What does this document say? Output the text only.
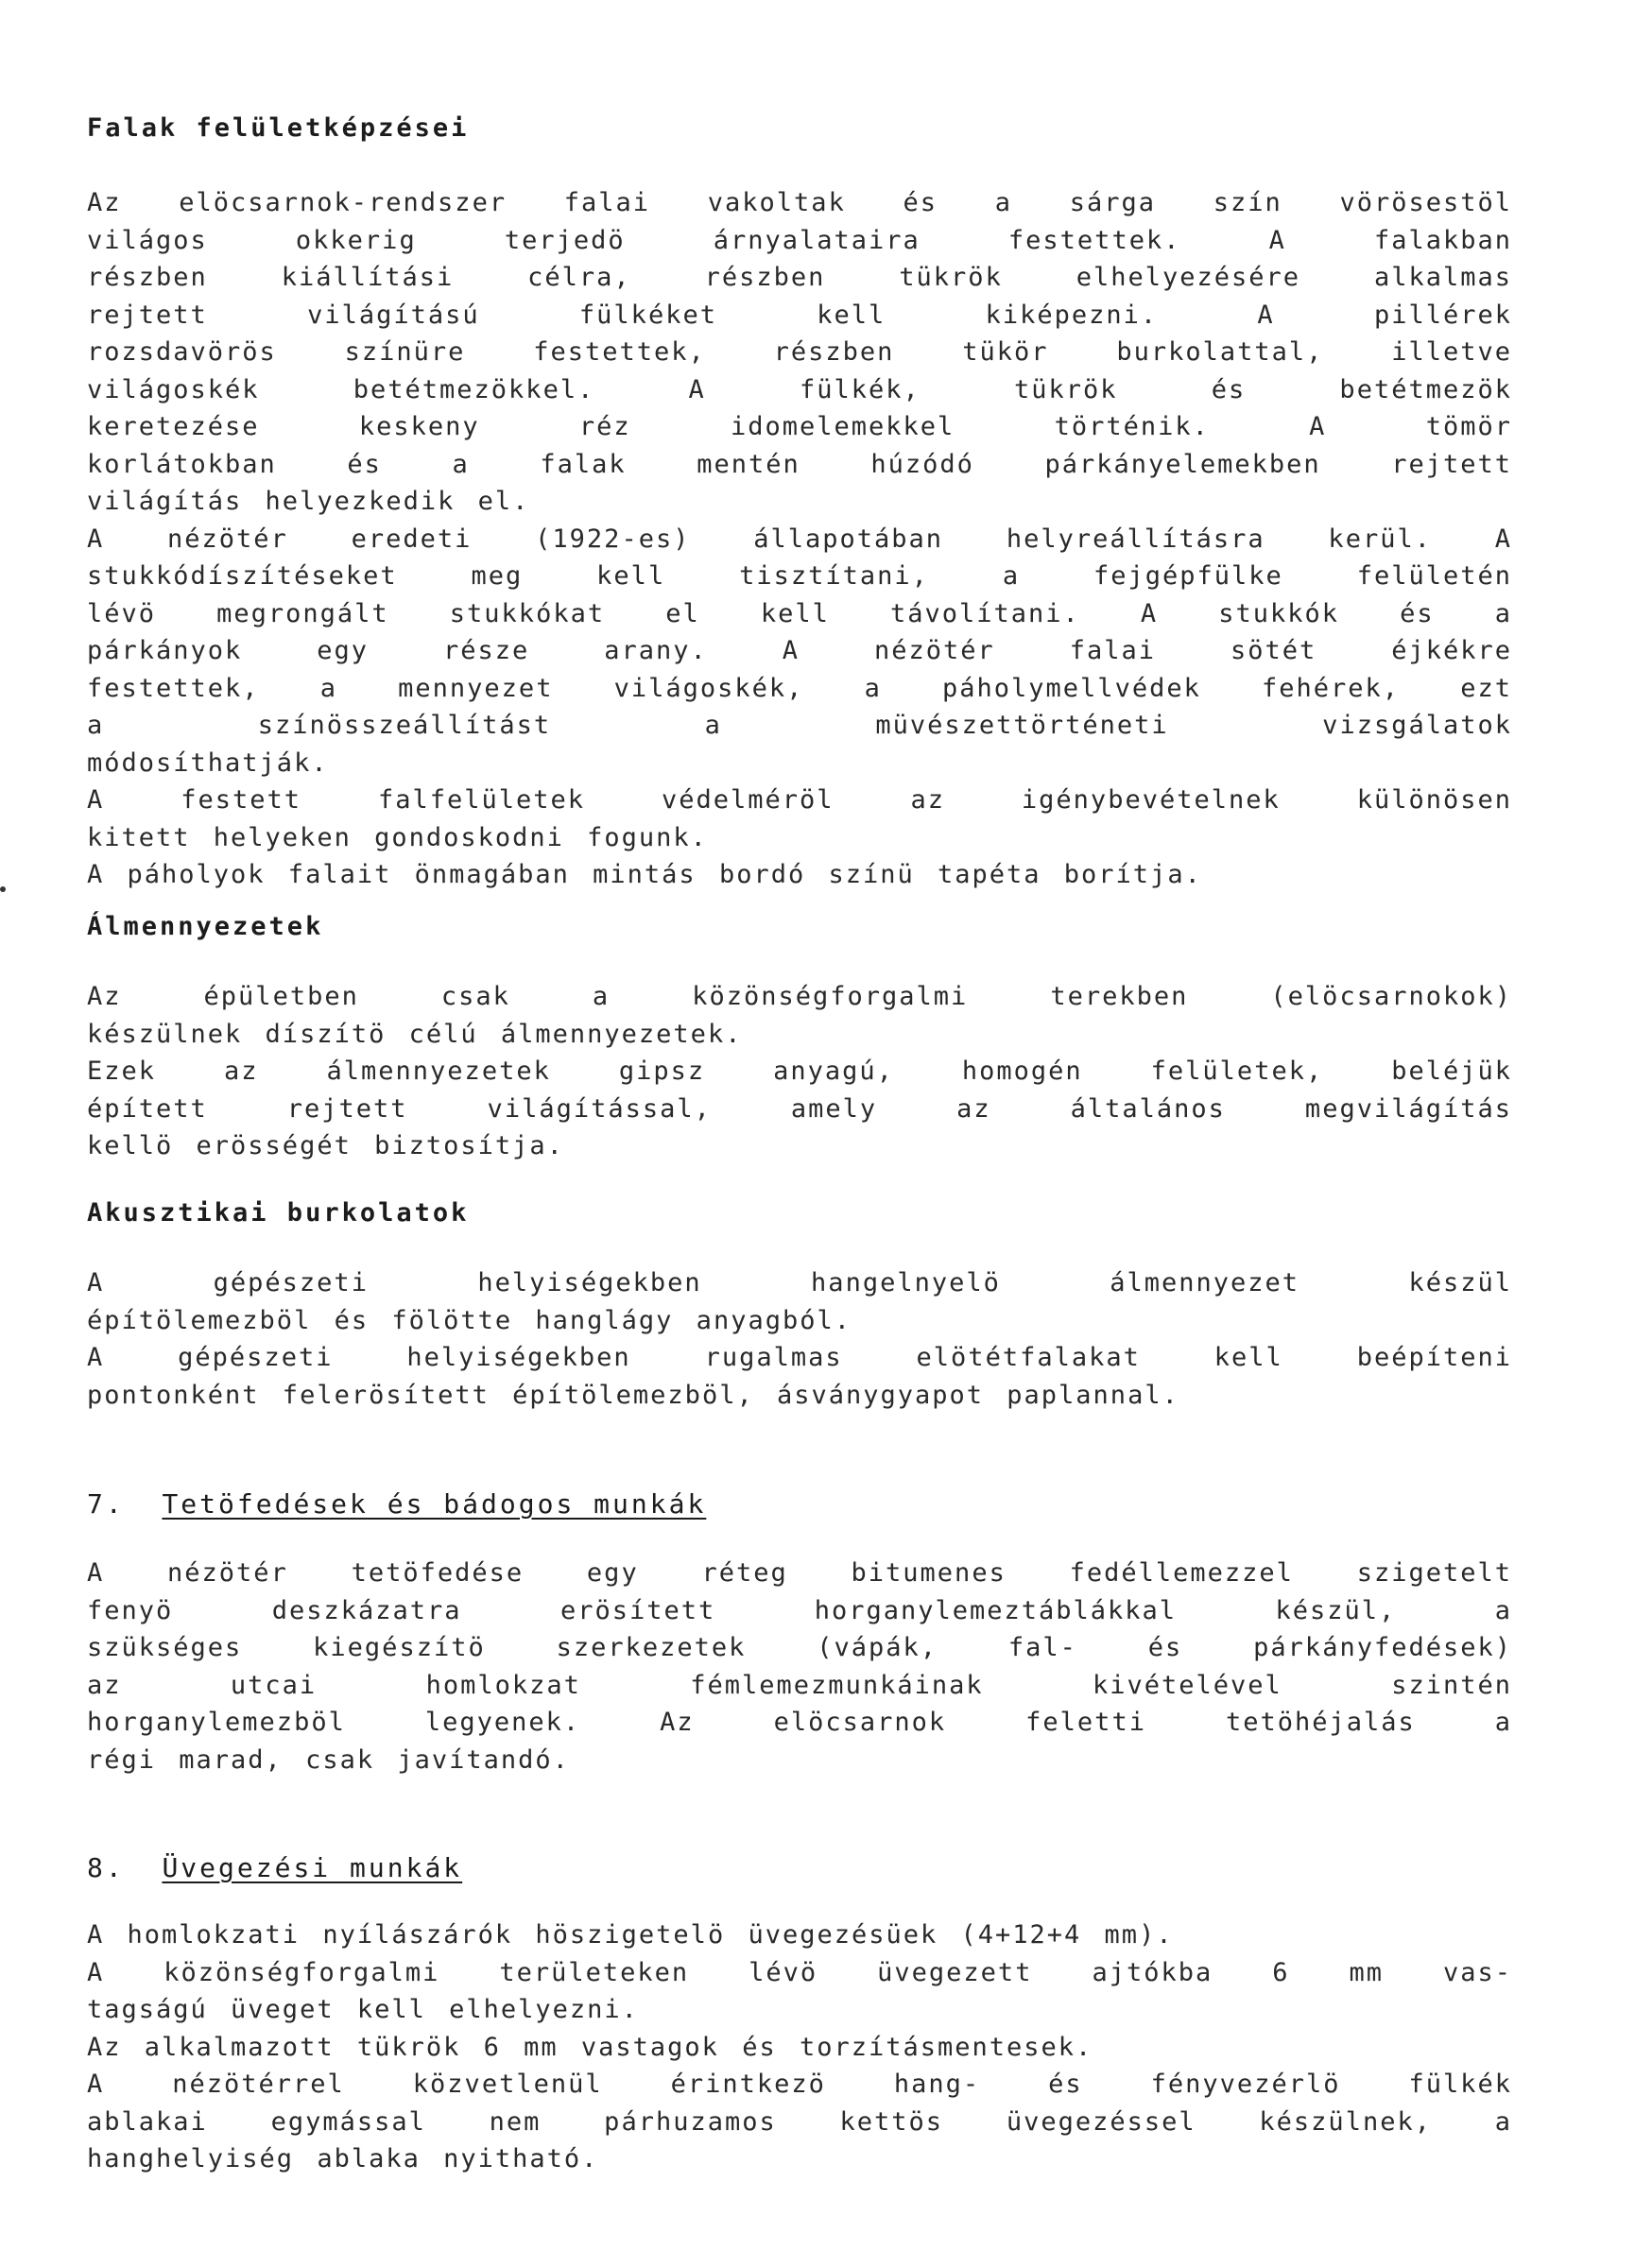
Falak felületképzései
Az elöcsarnok-rendszer falai vakoltak és a sárga szín vörösestöl
világos okkerig terjedö árnyalataira festettek. A falakban
részben kiállítási célra, részben tükrök elhelyezésére alkalmas
rejtett világítású fülkéket kell kiképezni. A pillérek
rozsdavörös színüre festettek, részben tükör burkolattal, illetve
világoskék betétmezökkel. A fülkék, tükrök és betétmezök
keretezése keskeny réz idomelemekkel történik. A tömör
korlátokban és a falak mentén húzódó párkányelemekben rejtett
világítás helyezkedik el.
A nézötér eredeti (1922-es) állapotában helyreállításra kerül. A
stukkódíszítéseket meg kell tisztítani, a fejgépfülke felületén
lévö megrongált stukkókat el kell távolítani. A stukkók és a
párkányok egy része arany. A nézötér falai sötét éjkékre
festettek, a mennyezet világoskék, a páholymellvédek fehérek, ezt
a színösszeállítást a müvészettörténeti vizsgálatok
módosíthatják.
A festett falfelületek védelméröl az igénybevételnek különösen
kitett helyeken gondoskodni fogunk.
A páholyok falait önmagában mintás bordó színü tapéta borítja.
Álmennyezetek
Az épületben csak a közönségforgalmi terekben (elöcsarnokok)
készülnek díszítö célú álmennyezetek.
Ezek az álmennyezetek gipsz anyagú, homogén felületek, beléjük
épített rejtett világítással, amely az általános megvilágítás
kellö erösségét biztosítja.
Akusztikai burkolatok
A gépészeti helyiségekben hangelnyelö álmennyezet készül
építölemezböl és fölötte hanglágy anyagból.
A gépészeti helyiségekben rugalmas elötétfalakat kell beépíteni
pontonként felerösített építölemezböl, ásványgyapot paplannal.
7. Tetöfedések és bádogos munkák
A nézötér tetöfedése egy réteg bitumenes fedéllemezzel szigetelt
fenyö deszkázatra erösített horganylemeztáblákkal készül, a
szükséges kiegészítö szerkezetek (vápák, fal- és párkányfedések)
az utcai homlokzat fémlemezmunkáinak kivételével szintén
horganylemezböl legyenek. Az elöcsarnok feletti tetöhéjalás a
régi marad, csak javítandó.
8. Üvegezési munkák
A homlokzati nyílászárók höszigetelö üvegezésüek (4+12+4 mm).
A közönségforgalmi területeken lévö üvegezett ajtókba 6 mm vas-
tagságú üveget kell elhelyezni.
Az alkalmazott tükrök 6 mm vastagok és torzításmentesek.
A nézötérrel közvetlenül érintkezö hang- és fényvezérlö fülkék
ablakai egymással nem párhuzamos kettös üvegezéssel készülnek, a
hanghelyiség ablaka nyitható.
